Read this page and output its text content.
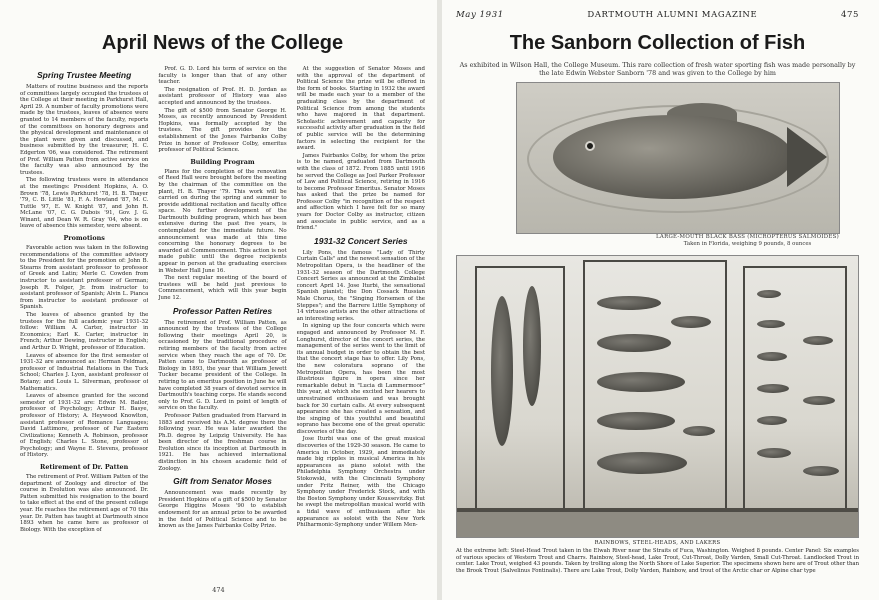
April News of the College
Spring Trustee Meeting

Matters of routine business and the reports of committees largely occupied the trustees of the College at their meeting in Parkhurst Hall, April 29. A number of faculty promotions were made by the trustees, leaves of absence were granted to 14 members of the faculty, reports of the committees on honorary degrees and the physical development and maintenance of the plant were given and discussed, and business submitted by the treasurer, H. C. Edgerton '06, was considered. The retirement of Prof. William Patten from active service on the faculty was also announced by the trustees.

The following trustees were in attendance at the meetings: President Hopkins, A. O. Brown '78, Lewis Parkhurst '78, H. B. Thayer '79, C. B. Little '81, F. A. Howland '87, M. C. Tuttle '97, E. W. Knight '87, and John R. McLane '07, C. G. Dubois '91, Gov. J. G. Winant, and Dean W. R. Gray '04, who is on leave of absence this semester, were absent.

Promotions

Favorable action was taken in the following recommendations of the committee advisory to the President for the promotion of: John B. Stearns from assistant professor to professor of Greek and Latin; Merle C. Cowden from instructor to assistant professor of German; Joseph R. Folger, Jr. from instructor to assistant professor of Spanish; Alvin L. Pianca from instructor to assistant professor of Spanish.

The leaves of absence granted by the trustees for the full academic year 1931-32 follow: William A. Carter, instructor in Economics; Earl K. Carter, instructor in French; Arthur Dewing, instructor in English; and Arthur D. Wright, professor of Education.

Leaves of absence for the first semester of 1931-32 are announced as: Herman Feldman, professor of Industrial Relations in the Tuck School; Charles J. Lyon, assistant professor of Botany; and Louis L. Silverman, professor of Mathematics.

Leaves of absence granted for the second semester of 1931-32 are: Edwin M. Bailor, professor of Psychology; Arthur H. Basye, professor of History; A. Heywood Knowlton, assistant professor of Romance Languages; David Lattimore, professor of Far Eastern Civilizations; Kenneth A. Robinson, professor of English; Charles L. Stone, professor of Psychology; and Wayne E. Stevens, professor of History.

Retirement of Dr. Patten

The retirement of Prof. William Patten of the department of Zoology and director of the course in Evolution was also announced. Dr. Patten submitted his resignation to the board to take effect at the end of the present college year. He reaches the retirement age of 70 this year. Dr. Patten has taught at Dartmouth since 1893 when he came here as professor of Biology. With the exception of

Prof. G. D. Lord his term of service on the faculty is longer than that of any other teacher.

The resignation of Prof. H. D. Jordan as assistant professor of History was also accepted and announced by the trustees.

The gift of $500 from Senator George H. Moses, as recently announced by President Hopkins, was formally accepted by the trustees. The gift provides for the establishment of the Jones Fairbanks Colby Prize in honor of Professor Colby, emeritus professor of Political Science.

Building Program

Plans for the completion of the renovation of Reed Hall were brought before the meeting by the chairman of the committee on the plant, H. B. Thayer '79. This work will be carried on during the spring and summer to provide additional recitation and faculty office space. No further development of the Dartmouth building program, which has been extensive during the past five years, is contemplated for the immediate future. No announcement was made at this time concerning the honorary degrees to be awarded at Commencement. This action is not made public until the degree recipients appear in person at the graduating exercises in Webster Hall June 16.

The next regular meeting of the board of trustees will be held just previous to Commencement, which will this year begin June 12.

Professor Patten Retires

The retirement of Prof. William Patten, as announced by the trustees of the College following their meetings April 20, is occasioned by the traditional procedure of retiring members of the faculty from active service when they reach the age of 70. Dr. Patten came to Dartmouth as professor of Biology in 1893, the year that William Jewett Tucker became president of the College. In retiring to an emeritus position in June he will have completed 38 years of devoted service in Dartmouth's teaching corps. He stands second only to Prof. G. D. Lord in point of length of service on the faculty.

Professor Patten graduated from Harvard in 1883 and received his A.M. degree there the following year. He was later awarded the Ph.D. degree by Leipzig University. He has been director of the freshman course in Evolution since its inception at Dartmouth in 1921. He has achieved international distinction in his chosen academic field of Zoology.

Gift from Senator Moses

Announcement was made recently by President Hopkins of a gift of $500 by Senator George Higgins Moses '90 to establish endowment for an annual prize to be awarded in the field of Political Science and to be known as the James Fairbanks Colby Prize.

At the suggestion of Senator Moses and with the approval of the department of Political Science the prize will be offered in the form of books. Starting in 1932 the award will be made each year to a member of the graduating class by the department of Political Science from among the students who have majored in that department. Scholastic achievement and capacity for successful activity after graduation in the field of public service will be the determining factors in selecting the recipient for the award.

James Fairbanks Colby, for whom the prize is to be named, graduated from Dartmouth with the class of 1872. From 1885 until 1916 he served the College as Joel Parker Professor of Law and Political Science, retiring in 1916 to become Professor Emeritus. Senator Moses has asked that the prize be named for Professor Colby "in recognition of the respect and affection which I have felt for so many years for Doctor Colby as instructor, citizen and associate in public service, and as a friend."

1931-32 Concert Series

Lily Pons, the famous "Lady of Thirty Curtain Calls" and the newest sensation of the Metropolitan Opera, is the headliner of the 1931-32 season of the Dartmouth College Concert Series as announced at the Zimbalist concert April 14. Jose Iturbi, the sensational Spanish pianist; the Don Cossack Russian Male Chorus, the "Singing Horsemen of the Steppes"; and the Barrere Little Symphony of 14 virtuoso artists are the other attractions of an interesting series.

In signing up the four concerts which were engaged and announced by Professor M. F. Longhurst, director of the concert series, the management of the series went to the limit of its annual budget in order to obtain the best that the concert stage has to offer. Lily Pons, the new coloratura soprano of the Metropolitan Opera, has been the most illustrious figure in opera since her remarkable debut in "Lucia di Lammermoor" this year, at which she excited her hearers to unrestrained enthusiasm and was brought back for 30 curtain calls. At every subsequent appearance she has created a sensation, and the singing of this youthful and beautiful soprano has become one of the great operatic discoveries of the day.

Jose Iturbi was one of the great musical discoveries of the 1929-30 season. He came to America in October, 1929, and immediately made big ripples in musical America in his appearances as piano soloist with the Philadelphia Symphony Orchestra under Stokowski, with the Cincinnati Symphony under Fritz Reiner, with the Chicago Symphony under Frederick Stock, and with the Boston Symphony under Koussevitzky. But he swept the metropolitan musical world with a tidal wave of enthusiasm after his appearance as soloist with the New York Philharmonic-Symphony under Willem Men-

474
May 1931	DARTMOUTH ALUMNI MAGAZINE	475
The Sanborn Collection of Fish

As exhibited in Wilson Hall, the College Museum. This rare collection of fresh water sporting fish was made personally by the late Edwin Webster Sanborn '78 and was given to the College by him

LARGE-MOUTH BLACK BASS (MICROPTERUS SALMOIDES)
Taken in Florida, weighing 9 pounds, 8 ounces
RAINBOWS, STEEL-HEADS, AND LAKERS
At the extreme left: Steel-Head Trout taken in the Elwah River near the Straits of Fuca, Washington. Weighed 8 pounds. Center Panel: Six examples of various species of Western Trout and Charrs. Rainbow, Steel-head, Lake Trout, Cut-Throat, Dolly Varden, Small Cut-Throat. Landlocked Trout in center. Lake Trout, weighed 43 pounds. Taken by trolling along the North Shore of Lake Superior. The specimens shown here are of Trout other than the Brook Trout (Salvelinus Fontinalis). There are Lake Trout, Dolly Varden, Rainbow, and trout of the Arctic char or Alpine char type
